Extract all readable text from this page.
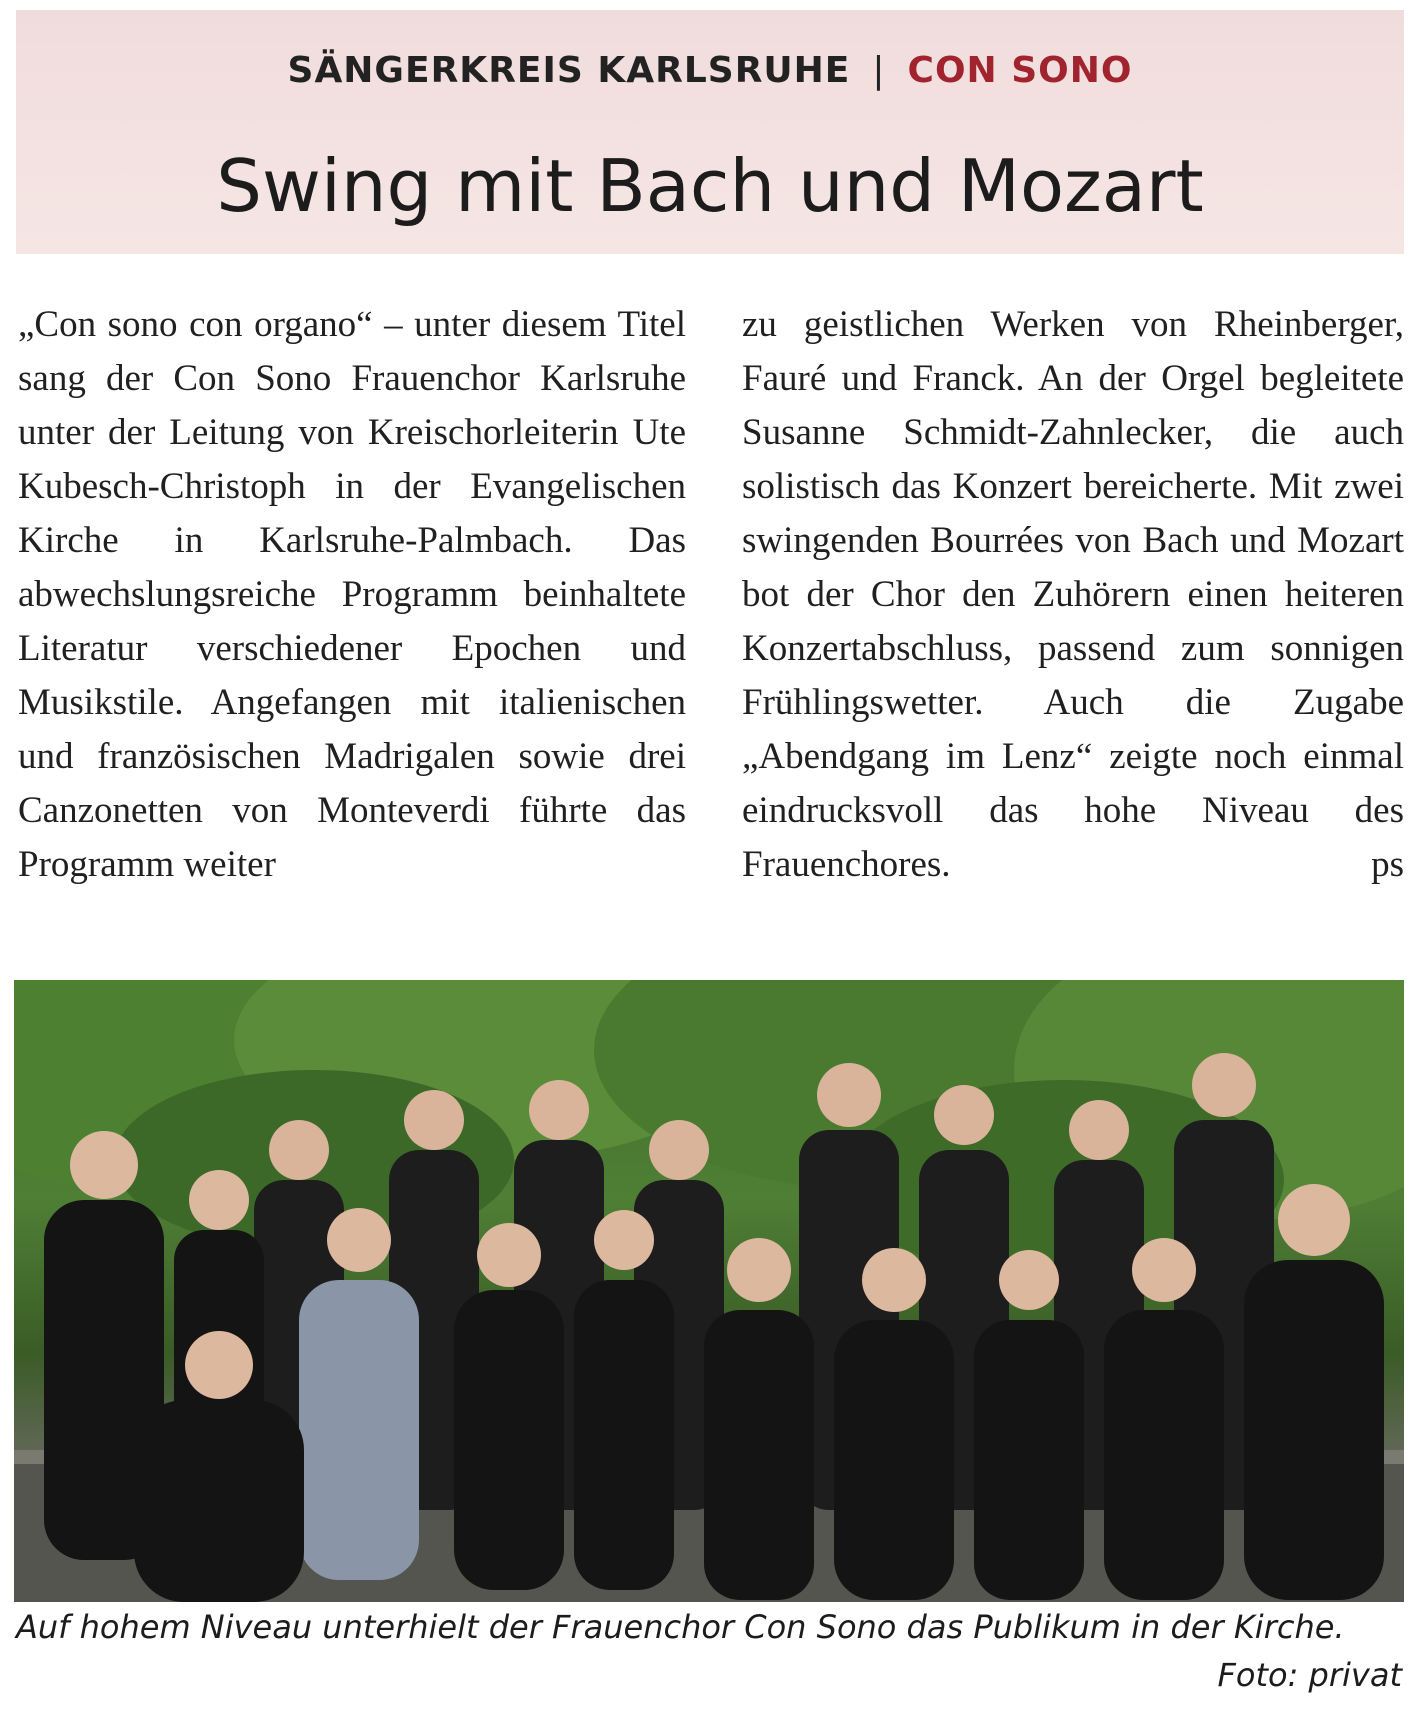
SÄNGERKREIS KARLSRUHE | CON SONO
Swing mit Bach und Mozart
„Con sono con organo“ – unter diesem Titel sang der Con Sono Frauenchor Karlsruhe unter der Leitung von Kreischorleiterin Ute Kubesch-Christoph in der Evangelischen Kirche in Karlsruhe-Palmbach. Das abwechslungsreiche Programm beinhaltete Literatur verschiedener Epochen und Musikstile. Angefangen mit italienischen und französischen Madrigalen sowie drei Canzonetten von Monteverdi führte das Programm weiter
zu geistlichen Werken von Rheinberger, Fauré und Franck. An der Orgel begleitete Susanne Schmidt-Zahnlecker, die auch solistisch das Konzert bereicherte. Mit zwei swingenden Bourrées von Bach und Mozart bot der Chor den Zuhörern einen heiteren Konzertabschluss, passend zum sonnigen Frühlingswetter. Auch die Zugabe „Abendgang im Lenz“ zeigte noch einmal eindrucksvoll das hohe Niveau des Frauenchores.	ps
Auf hohem Niveau unterhielt der Frauenchor Con Sono das Publikum in der Kirche.
Foto: privat
